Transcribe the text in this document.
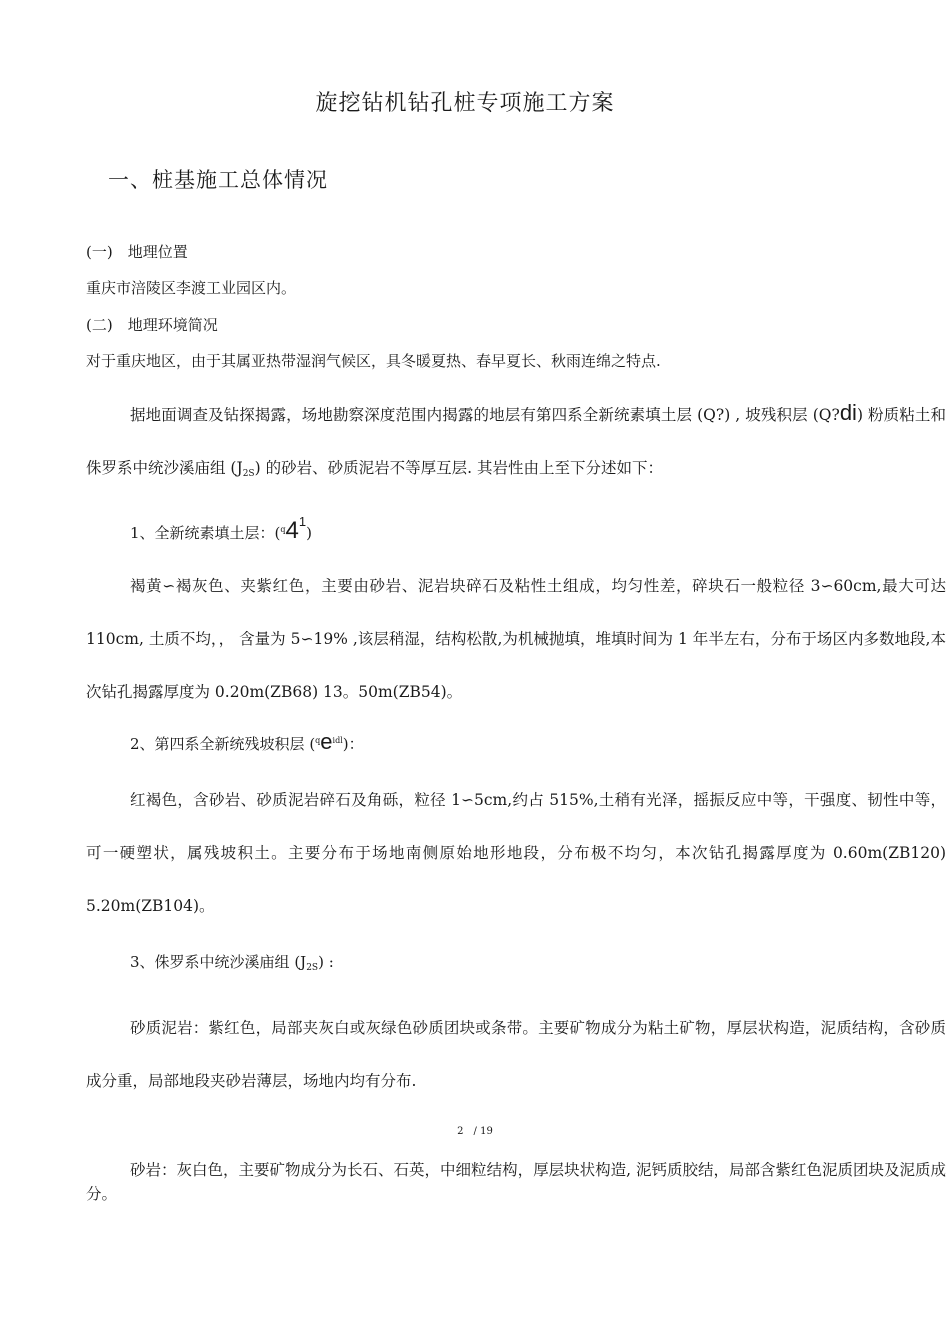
旋挖钻机钻孔桩专项施工方案
一、桩基施工总体情况
(一)　地理位置
重庆市涪陵区李渡工业园区内。
(二)　地理环境简况
对于重庆地区，由于其属亚热带湿润气候区，具冬暖夏热、春早夏长、秋雨连绵之特点.
据地面调查及钻探揭露，场地勘察深度范围内揭露的地层有第四系全新统素填土层 (Q?) , 坡残积层 (Q?di) 粉质粘土和侏罗系中统沙溪庙组 $(J_{2S})$ 的砂岩、砂质泥岩不等厚互层. 其岩性由上至下分述如下：
1、全新统素填土层：($^q$41)
褐黄∽褐灰色、夹紫红色，主要由砂岩、泥岩块碎石及粘性土组成，均匀性差，碎块石一般粒径 3∽60cm,最大可达 110cm, 土质不均，， 含量为 5∽19% ,该层稍湿，结构松散,为机械抛填，堆填时间为 1 年半左右，分布于场区内多数地段,本次钻孔揭露厚度为 0.20m(ZB68) 13。50m(ZB54)。
2、第四系全新统残坡积层 $(^qe^{idl})$：
红褐色，含砂岩、砂质泥岩碎石及角砾，粒径 1∽5cm,约占 515%,土稍有光泽，摇振反应中等，干强度、韧性中等，可一硬塑状，属残坡积土。主要分布于场地南侧原始地形地段，分布极不均匀，本次钻孔揭露厚度为 0.60m(ZB120) 5.20m(ZB104)。
3、侏罗系中统沙溪庙组 $(J_{2S})$ :
砂质泥岩：紫红色，局部夹灰白或灰绿色砂质团块或条带。主要矿物成分为粘土矿物，厚层状构造，泥质结构，含砂质成分重，局部地段夹砂岩薄层，场地内均有分布.
2　/ 19
砂岩：灰白色，主要矿物成分为长石、石英，中细粒结构，厚层块状构造, 泥钙质胶结，局部含紫红色泥质团块及泥质成分。
